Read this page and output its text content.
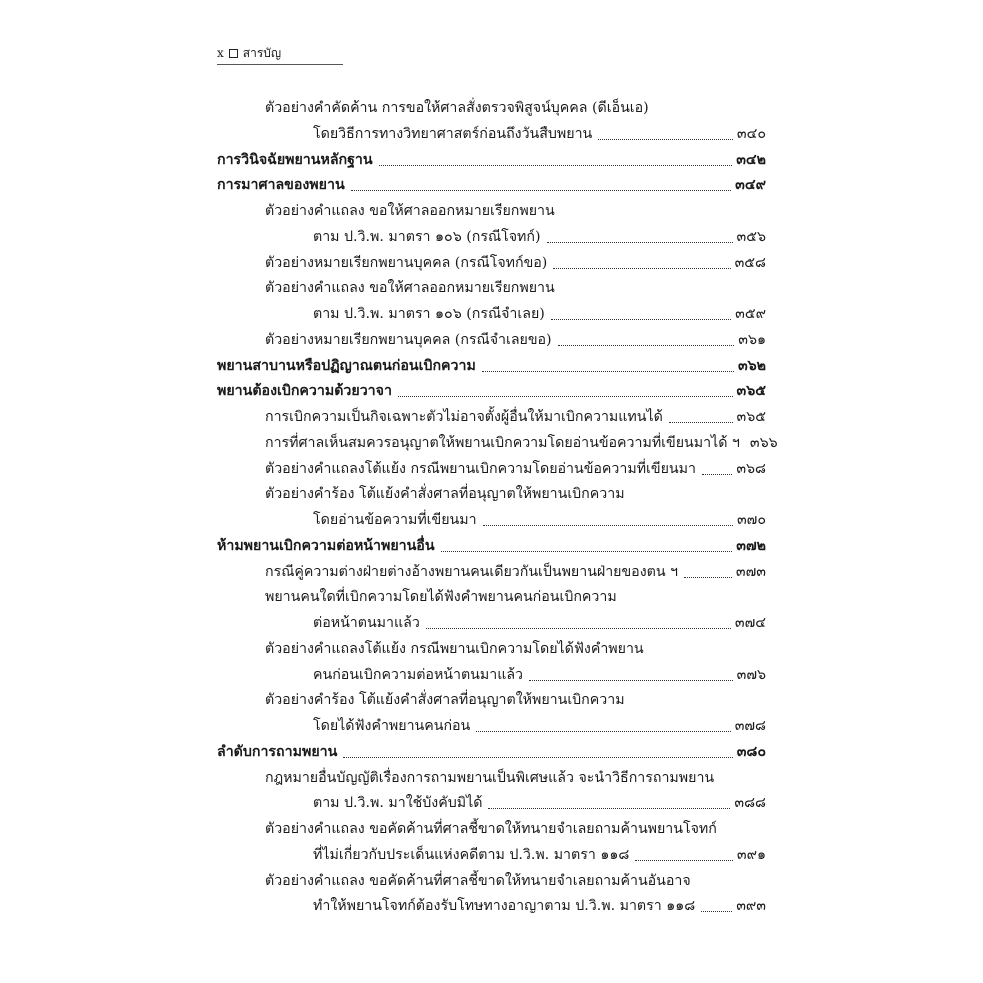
x สารบัญ
ตัวอย่างคำคัดค้าน การขอให้ศาลสั่งตรวจพิสูจน์บุคคล (ดีเอ็นเอ)
โดยวิธีการทางวิทยาศาสตร์ก่อนถึงวันสืบพยาน	๓๔๐
การวินิจฉัยพยานหลักฐาน	๓๔๒
การมาศาลของพยาน	๓๔๙
ตัวอย่างคำแถลง ขอให้ศาลออกหมายเรียกพยาน
ตาม ป.วิ.พ. มาตรา ๑๐๖ (กรณีโจทก์)	๓๕๖
ตัวอย่างหมายเรียกพยานบุคคล (กรณีโจทก์ขอ)	๓๕๘
ตัวอย่างคำแถลง ขอให้ศาลออกหมายเรียกพยาน
ตาม ป.วิ.พ. มาตรา ๑๐๖ (กรณีจำเลย)	๓๕๙
ตัวอย่างหมายเรียกพยานบุคคล (กรณีจำเลยขอ)	๓๖๑
พยานสาบานหรือปฏิญาณตนก่อนเบิกความ	๓๖๒
พยานต้องเบิกความด้วยวาจา	๓๖๕
การเบิกความเป็นกิจเฉพาะตัวไม่อาจตั้งผู้อื่นให้มาเบิกความแทนได้	๓๖๕
การที่ศาลเห็นสมควรอนุญาตให้พยานเบิกความโดยอ่านข้อความที่เขียนมาได้ ฯ ๓๖๖
ตัวอย่างคำแถลงโต้แย้ง กรณีพยานเบิกความโดยอ่านข้อความที่เขียนมา	๓๖๘
ตัวอย่างคำร้อง โต้แย้งคำสั่งศาลที่อนุญาตให้พยานเบิกความ
โดยอ่านข้อความที่เขียนมา	๓๗๐
ห้ามพยานเบิกความต่อหน้าพยานอื่น	๓๗๒
กรณีคู่ความต่างฝ่ายต่างอ้างพยานคนเดียวกันเป็นพยานฝ่ายของตน ฯ	๓๗๓
พยานคนใดที่เบิกความโดยได้ฟังคำพยานคนก่อนเบิกความ
ต่อหน้าตนมาแล้ว	๓๗๔
ตัวอย่างคำแถลงโต้แย้ง กรณีพยานเบิกความโดยได้ฟังคำพยาน
คนก่อนเบิกความต่อหน้าตนมาแล้ว	๓๗๖
ตัวอย่างคำร้อง โต้แย้งคำสั่งศาลที่อนุญาตให้พยานเบิกความ
โดยได้ฟังคำพยานคนก่อน	๓๗๘
ลำดับการถามพยาน	๓๘๐
กฎหมายอื่นบัญญัติเรื่องการถามพยานเป็นพิเศษแล้ว จะนำวิธีการถามพยาน
ตาม ป.วิ.พ. มาใช้บังคับมิได้	๓๘๘
ตัวอย่างคำแถลง ขอคัดค้านที่ศาลชี้ขาดให้ทนายจำเลยถามค้านพยานโจทก์
ที่ไม่เกี่ยวกับประเด็นแห่งคดีตาม ป.วิ.พ. มาตรา ๑๑๘	๓๙๑
ตัวอย่างคำแถลง ขอคัดค้านที่ศาลชี้ขาดให้ทนายจำเลยถามค้านอันอาจ
ทำให้พยานโจทก์ต้องรับโทษทางอาญาตาม ป.วิ.พ. มาตรา ๑๑๘	๓๙๓
